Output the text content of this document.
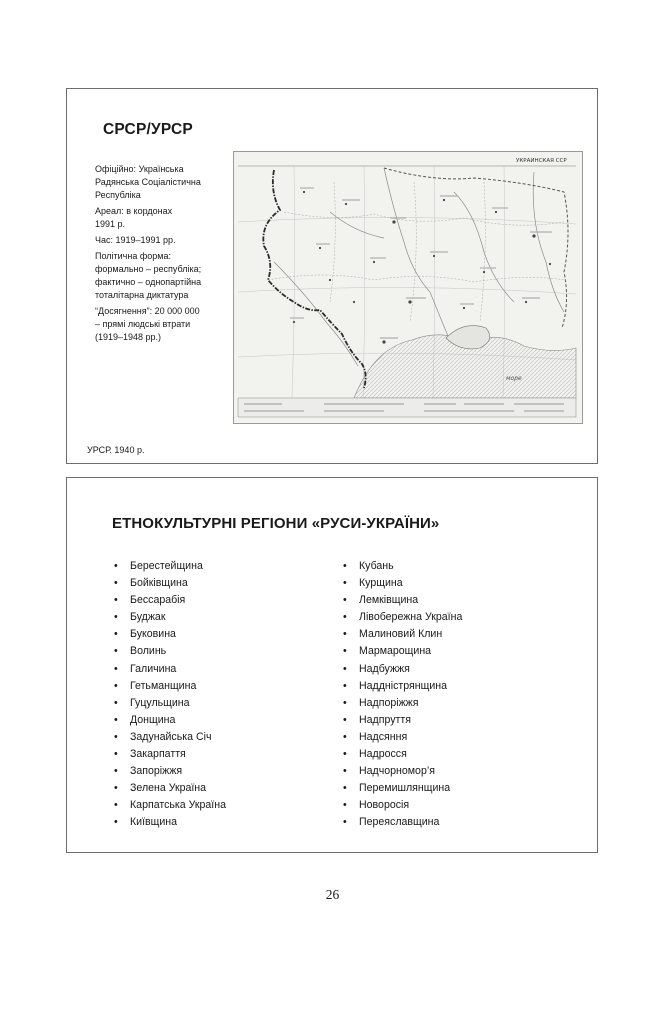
СРСР/УРСР

Офіційно: Українська
Радянська Соціалістична
Республіка

Ареал: в кордонах
1991 р.

Час: 1919–1991 рр.

Політична форма:
формально – республіка;
фактично – однопартійна
тоталітарна диктатура

“Досягнення”: 20 000 000
– прямі людські втрати
(1919–1948 рр.)

УКРАИНСКАЯ ССР
море
УРСР. 1940 р.
ЕТНОКУЛЬТУРНІ РЕГІОНИ «РУСИ-УКРАЇНИ»
• Берестейщина
• Бойківщина
• Бессарабія
• Буджак
• Буковина
• Волинь
• Галичина
• Гетьманщина
• Гуцульщина
• Донщина
• Задунайська Січ
• Закарпаття
• Запоріжжя
• Зелена Україна
• Карпатська Україна
• Київщина
• Кубань
• Курщина
• Лемківщина
• Лівобережна Україна
• Малиновий Клин
• Мармарощина
• Надбужжя
• Наддністрянщина
• Надпоріжжя
• Надпруття
• Надсяння
• Надросся
• Надчорномор’я
• Перемишлянщина
• Новоросія
• Переяславщина
26
